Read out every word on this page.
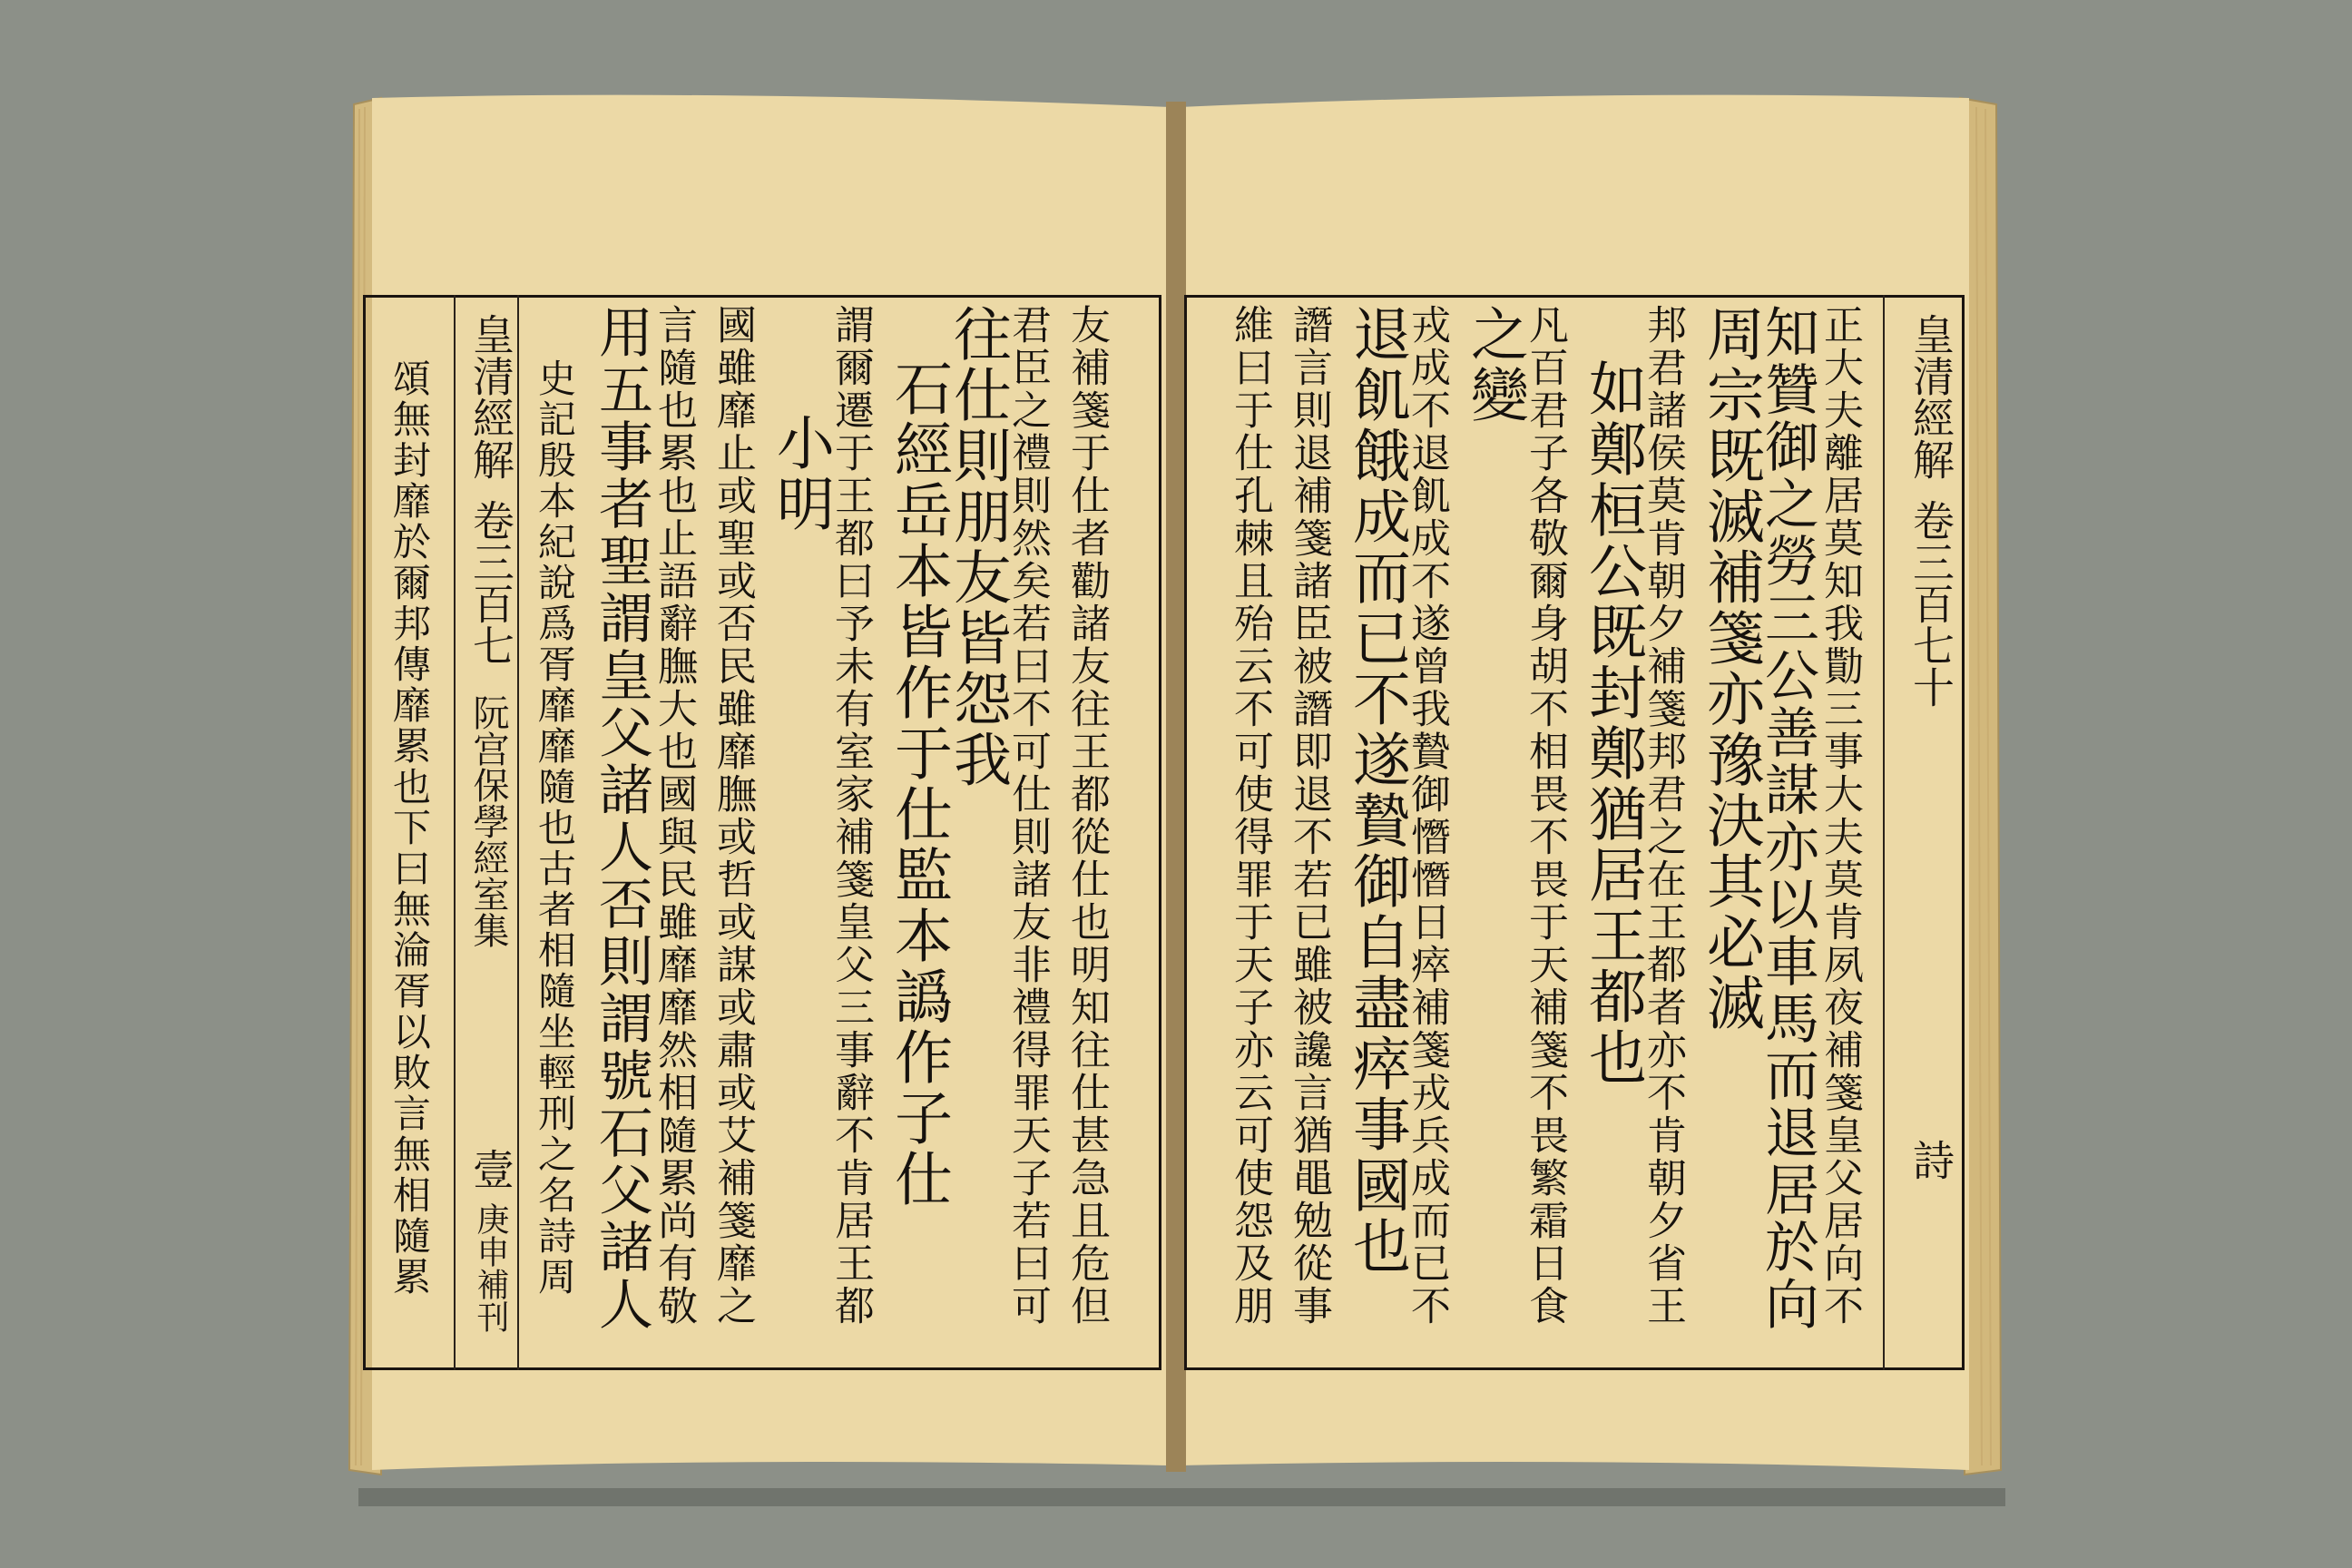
皇清經解
卷三百七
阮宫保學經室集
壹
庚申補刊	友補箋于仕者勸諸友往王都從仕也明知往仕甚急且危但
君臣之禮則然矣若曰不可仕則諸友非禮得罪天子若曰可
往仕則朋友皆怨我
石經岳本皆作于仕監本譌作子仕
謂爾遷于王都曰予未有室家補箋皇父三事辭不肯居王都
小明
國雖靡止或聖或否民雖靡膴或哲或謀或肅或艾補箋靡之
言隨也累也止語辭膴大也國與民雖靡靡然相隨累尚有敬
用五事者聖謂皇父諸人否則謂號石父諸人
史記殷本紀說爲胥靡靡隨也古者相隨坐輕刑之名詩周
頌無封靡於爾邦傳靡累也下曰無淪胥以敗言無相隨累	皇清經解
卷三百七十
詩
正大夫離居莫知我勩三事大夫莫肯夙夜補箋皇父居向不
知贊御之勞三公善謀亦以車馬而退居於向
周宗既滅補箋亦豫決其必滅
邦君諸侯莫肯朝夕補箋邦君之在王都者亦不肯朝夕省王
如鄭桓公既封鄭猶居王都也
凡百君子各敬爾身胡不相畏不畏于天補箋不畏繁霜日食
之變
戎成不退飢成不遂曾我贄御憯憯日瘁補箋戎兵成而已不
退飢餓成而已不遂贄御自盡瘁事國也
譖言則退補箋諸臣被譖即退不若已雖被讒言猶黽勉從事
維曰于仕孔棘且殆云不可使得罪于天子亦云可使怨及朋
